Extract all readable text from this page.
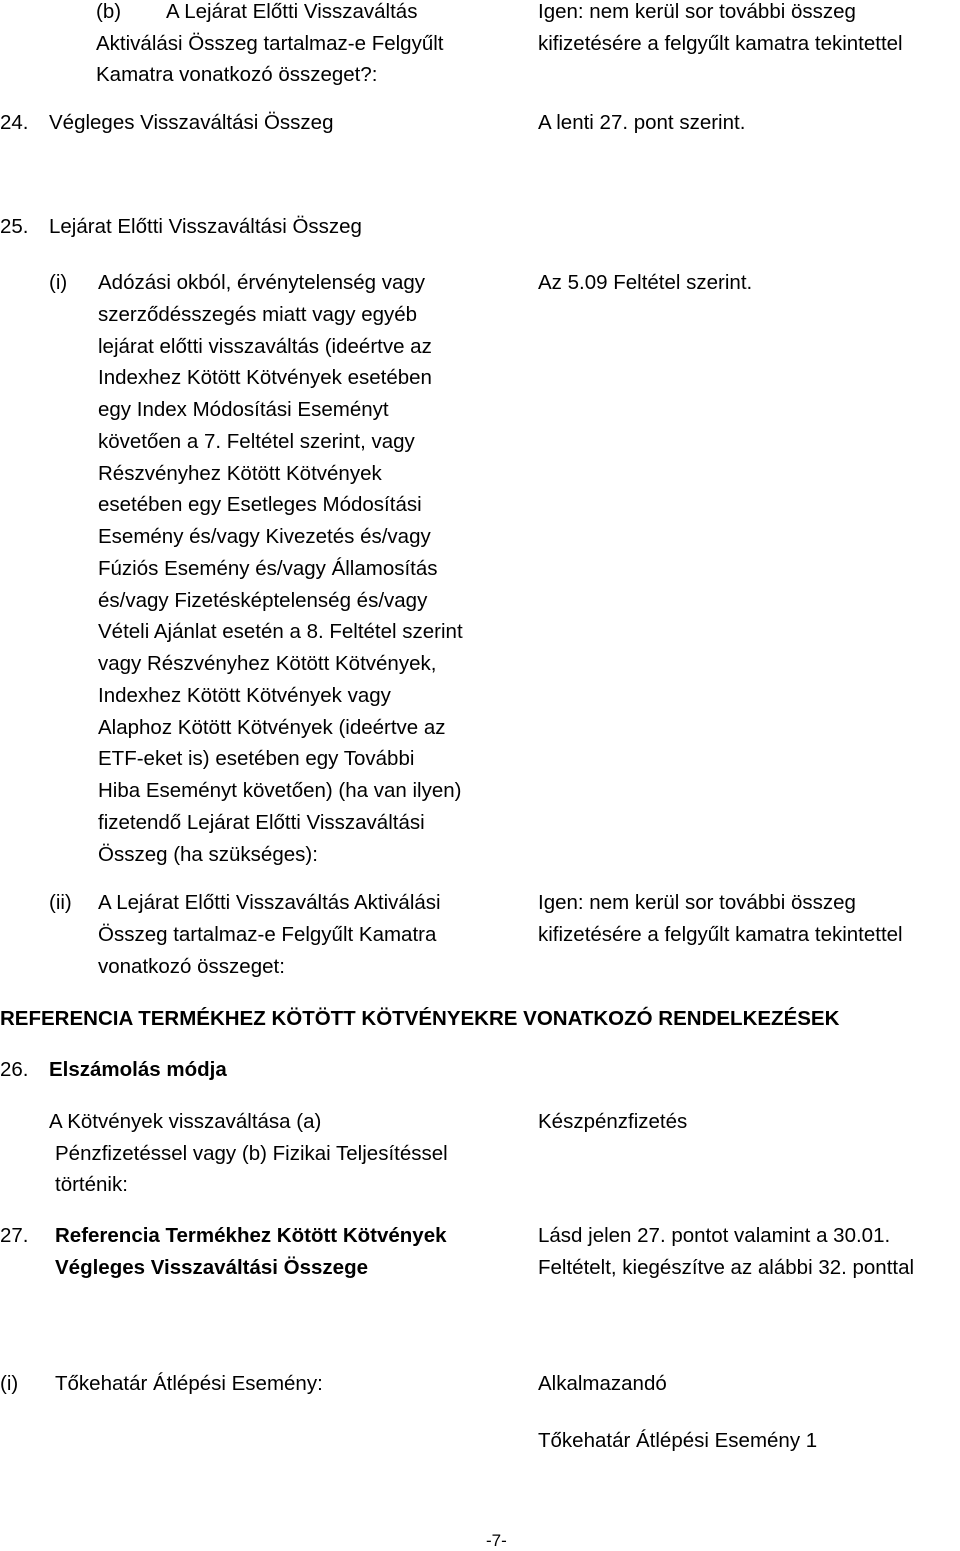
(b) A Lejárat Előtti Visszaváltás
Aktiválási Összeg tartalmaz-e Felgyűlt
Kamatra vonatkozó összeget?:
Igen: nem kerül sor további összeg
kifizetésére a felgyűlt kamatra tekintettel
24. Végleges Visszaváltási Összeg	A lenti 27. pont szerint.
25. Lejárat Előtti Visszaváltási Összeg
(i) Adózási okból, érvénytelenség vagy
szerződésszegés miatt vagy egyéb
lejárat előtti visszaváltás (ideértve az
Indexhez Kötött Kötvények esetében
egy Index Módosítási Eseményt
követően a 7. Feltétel szerint, vagy
Részvényhez Kötött Kötvények
esetében egy Esetleges Módosítási
Esemény és/vagy Kivezetés és/vagy
Fúziós Esemény és/vagy Államosítás
és/vagy Fizetésképtelenség és/vagy
Vételi Ajánlat esetén a 8. Feltétel szerint
vagy Részvényhez Kötött Kötvények,
Indexhez Kötött Kötvények vagy
Alaphoz Kötött Kötvények (ideértve az
ETF-eket is) esetében egy További
Hiba Eseményt követően) (ha van ilyen)
fizetendő Lejárat Előtti Visszaváltási
Összeg (ha szükséges):
Az 5.09 Feltétel szerint.
(ii) A Lejárat Előtti Visszaváltás Aktiválási
Összeg tartalmaz-e Felgyűlt Kamatra
vonatkozó összeget:
Igen: nem kerül sor további összeg
kifizetésére a felgyűlt kamatra tekintettel
REFERENCIA TERMÉKHEZ KÖTÖTT KÖTVÉNYEKRE VONATKOZÓ RENDELKEZÉSEK
26. Elszámolás módja
A Kötvények visszaváltása (a)
Pénzfizetéssel vagy (b) Fizikai Teljesítéssel
történik:
Készpénzfizetés
27. Referencia Termékhez Kötött Kötvények
Végleges Visszaváltási Összege
Lásd jelen 27. pontot valamint a 30.01.
Feltételt, kiegészítve az alábbi 32. ponttal
(i) Tőkehatár Átlépési Esemény:	Alkalmazandó
Tőkehatár Átlépési Esemény 1
-7-
